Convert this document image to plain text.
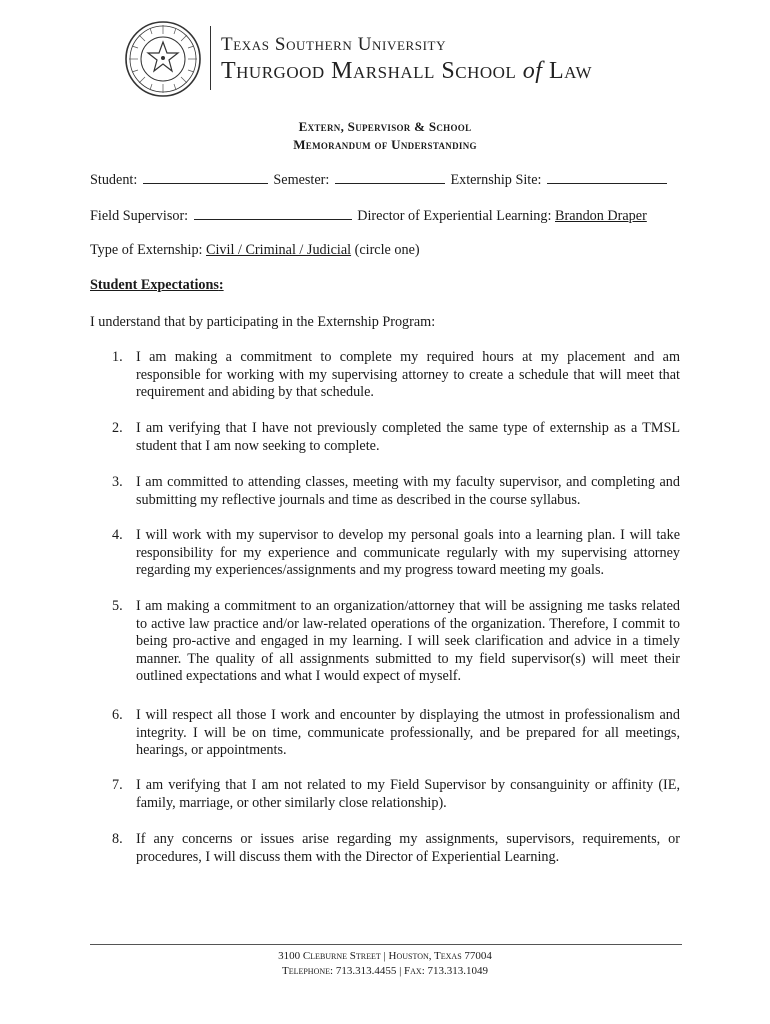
Texas Southern University
Thurgood Marshall School of Law
Extern, Supervisor & School
Memorandum of Understanding
Student:	Semester:	Externship Site:
Field Supervisor:	Director of Experiential Learning: Brandon Draper
Type of Externship: Civil / Criminal / Judicial (circle one)
Student Expectations:
I understand that by participating in the Externship Program:
1. I am making a commitment to complete my required hours at my placement and am responsible for working with my supervising attorney to create a schedule that will meet that requirement and abiding by that schedule.
2. I am verifying that I have not previously completed the same type of externship as a TMSL student that I am now seeking to complete.
3. I am committed to attending classes, meeting with my faculty supervisor, and completing and submitting my reflective journals and time as described in the course syllabus.
4. I will work with my supervisor to develop my personal goals into a learning plan. I will take responsibility for my experience and communicate regularly with my supervising attorney regarding my experiences/assignments and my progress toward meeting my goals.
5. I am making a commitment to an organization/attorney that will be assigning me tasks related to active law practice and/or law-related operations of the organization. Therefore, I commit to being pro-active and engaged in my learning. I will seek clarification and advice in a timely manner. The quality of all assignments submitted to my field supervisor(s) will meet their outlined expectations and what I would expect of myself.
6. I will respect all those I work and encounter by displaying the utmost in professionalism and integrity. I will be on time, communicate professionally, and be prepared for all meetings, hearings, or appointments.
7. I am verifying that I am not related to my Field Supervisor by consanguinity or affinity (IE, family, marriage, or other similarly close relationship).
8. If any concerns or issues arise regarding my assignments, supervisors, requirements, or procedures, I will discuss them with the Director of Experiential Learning.
3100 Cleburne Street | Houston, Texas 77004
Telephone: 713.313.4455 | Fax: 713.313.1049
